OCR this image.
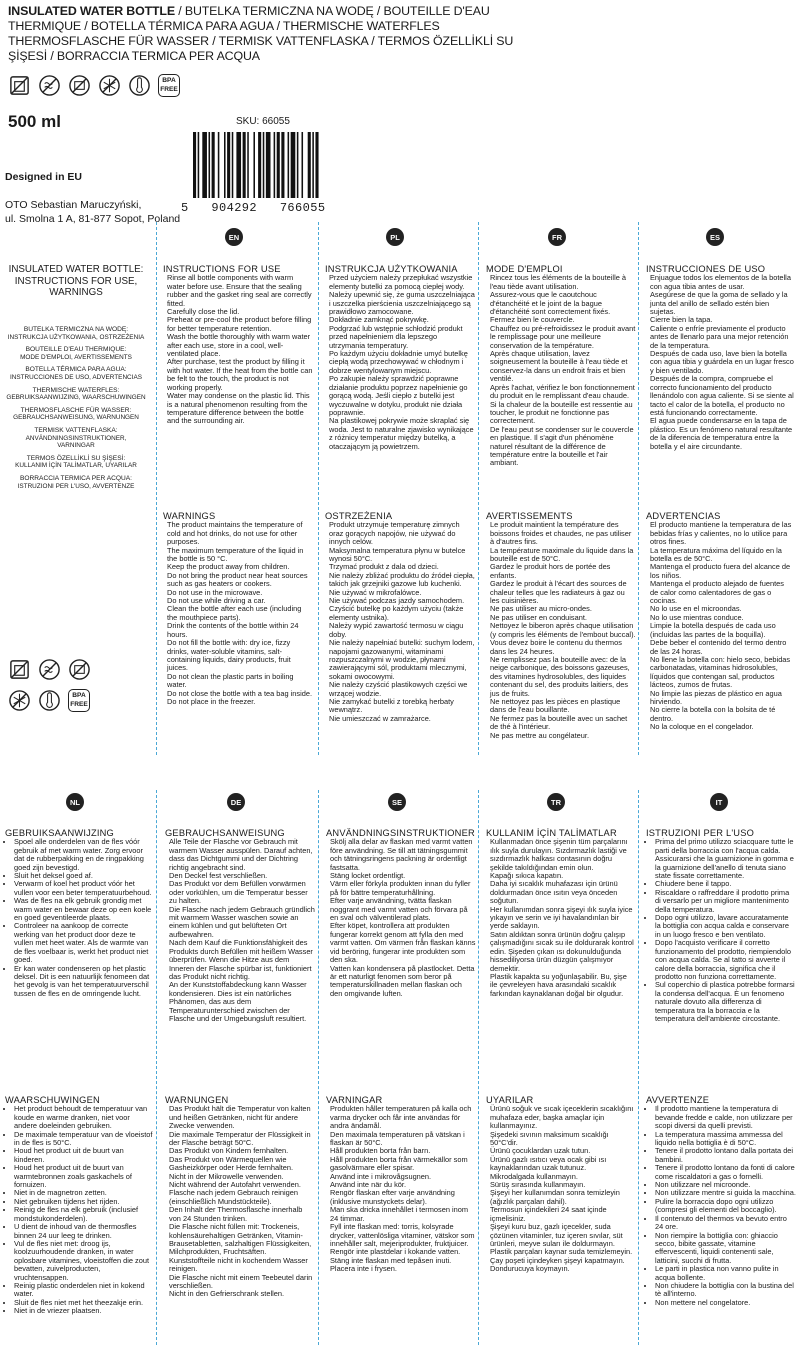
INSULATED WATER BOTTLE / BUTELKA TERMICZNA NA WODĘ / BOUTEILLE D'EAU THERMIQUE / BOTELLA TÉRMICA PARA AGUA / THERMISCHE WATERFLES THERMOSFLASCHE FÜR WASSER / TERMISK VATTENFLASKA / TERMOS ÖZELLİKLİ SU ŞİŞESİ / BORRACCIA TERMICA PER ACQUA
BPA
FREE
500 ml	SKU: 66055
5   904292   766055
Designed in EU

OTO Sebastian Maruczyński,
ul. Smolna 1 A, 81-877 Sopot, Poland
EN	PL	FR	ES
NL	DE	SE	TR	IT
INSULATED WATER BOTTLE: INSTRUCTIONS FOR USE, WARNINGS
BUTELKA TERMICZNA NA WODĘ:
INSTRUKCJA UŻYTKOWANIA, OSTRZEŻENIA
BOUTEILLE D'EAU THERMIQUE:
MODE D'EMPLOI, AVERTISSEMENTS
BOTELLA TÉRMICA PARA AGUA:
INSTRUCCIONES DE USO, ADVERTENCIAS
THERMISCHE WATERFLES:
GEBRUIKSAANWIJZING, WAARSCHUWINGEN
THERMOSFLASCHE FÜR WASSER:
GEBRAUCHSANWEISUNG, WARNUNGEN
TERMISK VATTENFLASKA:
ANVÄNDNINGSINSTRUKTIONER, VARNINGAR
TERMOS ÖZELLİKLİ SU ŞİŞESİ:
KULLANIM İÇİN TALİMATLAR, UYARILAR
BORRACCIA TERMICA PER ACQUA:
ISTRUZIONI PER L'USO, AVVERTENZE
BPA
FREE
INSTRUCTIONS FOR USE
Rinse all bottle components with warm water before use. Ensure that the sealing rubber and the gasket ring seal are correctly fitted.
Carefully close the lid.
Preheat or pre-cool the product before filling for better temperature retention.
Wash the bottle thoroughly with warm water after each use, store in a cool, well-ventilated place.
After purchase, test the product by filling it with hot water. If the heat from the bottle can be felt to the touch, the product is not working properly.
Water may condense on the plastic lid. This is a natural phenomenon resulting from the temperature difference between the bottle and the surrounding air.
WARNINGS
The product maintains the temperature of cold and hot drinks, do not use for other purposes.
The maximum temperature of the liquid in the bottle is 50 °C.
Keep the product away from children.
Do not bring the product near heat sources such as gas heaters or cookers.
Do not use in the microwave.
Do not use while driving a car.
Clean the bottle after each use (including the mouthpiece parts).
Drink the contents of the bottle within 24 hours.
Do not fill the bottle with: dry ice, fizzy drinks, water-soluble vitamins, salt-containing liquids, dairy products, fruit juices.
Do not clean the plastic parts in boiling water.
Do not close the bottle with a tea bag inside.
Do not place in the freezer.
INSTRUKCJA UŻYTKOWANIA
Przed użyciem należy przepłukać wszystkie elementy butelki za pomocą ciepłej wody. Należy upewnić się, że guma uszczelniająca i uszczelka pierścienia uszczelniającego są prawidłowo zamocowane.
Dokładnie zamknąć pokrywkę.
Podgrzać lub wstępnie schłodzić produkt przed napełnieniem dla lepszego utrzymania temperatury.
Po każdym użyciu dokładnie umyć butelkę ciepłą wodą przechowywać w chłodnym i dobrze wentylowanym miejscu.
Po zakupie należy sprawdzić poprawne działanie produktu poprzez napełnienie go gorącą wodą. Jeśli ciepło z butelki jest wyczuwalne w dotyku, produkt nie działa poprawnie.
Na plastikowej pokrywie może skraplać się woda. Jest to naturalne zjawisko wynikające z różnicy temperatur między butelką, a otaczającym ją powietrzem.
OSTRZEŻENIA
Produkt utrzymuje temperaturę zimnych oraz gorących napojów, nie używać do innych celów.
Maksymalna temperatura płynu w butelce wynosi 50°C.
Trzymać produkt z dala od dzieci.
Nie należy zbliżać produktu do źródeł ciepła, takich jak grzejniki gazowe lub kuchenki.
Nie używać w mikrofalówce.
Nie używać podczas jazdy samochodem.
Czyścić butelkę po każdym użyciu (także elementy ustnika).
Należy wypić zawartość termosu w ciągu doby.
Nie należy napełniać butelki: suchym lodem, napojami gazowanymi, witaminami rozpuszczalnymi w wodzie, płynami zawierającymi sól, produktami mlecznymi, sokami owocowymi.
Nie należy czyścić plastikowych części we wrzącej wodzie.
Nie zamykać butelki z torebką herbaty wewnątrz.
Nie umieszczać w zamrażarce.
MODE D'EMPLOI
Rincez tous les éléments de la bouteille à l'eau tiède avant utilisation.
Assurez-vous que le caoutchouc d'étanchéité et le joint de la bague d'étanchéité sont correctement fixés.
Fermez bien le couvercle.
Chauffez ou pré-refroidissez le produit avant le remplissage pour une meilleure conservation de la température.
Après chaque utilisation, lavez soigneusement la bouteille à l'eau tiède et conservez-la dans un endroit frais et bien ventilé.
Après l'achat, vérifiez le bon fonctionnement du produit en le remplissant d'eau chaude. Si la chaleur de la bouteille est ressentie au toucher, le produit ne fonctionne pas correctement.
De l'eau peut se condenser sur le couvercle en plastique. Il s'agit d'un phénomène naturel résultant de la différence de température entre la bouteille et l'air ambiant.
AVERTISSEMENTS
Le produit maintient la température des boissons froides et chaudes, ne pas utiliser à d'autres fins.
La température maximale du liquide dans la bouteille est de 50°C.
Gardez le produit hors de portée des enfants.
Gardez le produit à l'écart des sources de chaleur telles que les radiateurs à gaz ou les cuisinières.
Ne pas utiliser au micro-ondes.
Ne pas utiliser en conduisant.
Nettoyez le biberon après chaque utilisation (y compris les éléments de l'embout buccal).
Vous devez boire le contenu du thermos dans les 24 heures.
Ne remplissez pas la bouteille avec: de la neige carbonique, des boissons gazeuses, des vitamines hydrosolubles, des liquides contenant du sel, des produits laitiers, des jus de fruits.
Ne nettoyez pas les pièces en plastique dans de l'eau bouillante.
Ne fermez pas la bouteille avec un sachet de thé à l'intérieur.
Ne pas mettre au congélateur.
INSTRUCCIONES DE USO
Enjuague todos los elementos de la botella con agua tibia antes de usar.
Asegúrese de que la goma de sellado y la junta del anillo de sellado estén bien sujetas.
Cierre bien la tapa.
Caliente o enfríe previamente el producto antes de llenarlo para una mejor retención de la temperatura.
Después de cada uso, lave bien la botella con agua tibia y guárdela en un lugar fresco y bien ventilado.
Después de la compra, compruebe el correcto funcionamiento del producto llenándolo con agua caliente. Si se siente al tacto el calor de la botella, el producto no está funcionando correctamente.
El agua puede condensarse en la tapa de plástico. Es un fenómeno natural resultante de la diferencia de temperatura entre la botella y el aire circundante.
ADVERTENCIAS
El producto mantiene la temperatura de las bebidas frías y calientes, no lo utilice para otros fines.
La temperatura máxima del líquido en la botella es de 50°C.
Mantenga el producto fuera del alcance de los niños.
Mantenga el producto alejado de fuentes de calor como calentadores de gas o cocinas.
No lo use en el microondas.
No lo use mientras conduce.
Limpie la botella después de cada uso (incluidas las partes de la boquilla).
Debe beber el contenido del termo dentro de las 24 horas.
No llene la botella con: hielo seco, bebidas carbonatadas, vitaminas hidrosolubles, líquidos que contengan sal, productos lácteos, zumos de frutas.
No limpie las piezas de plástico en agua hirviendo.
No cierre la botella con la bolsita de té dentro.
No la coloque en el congelador.
GEBRUIKSAANWIJZING
• Spoel alle onderdelen van de fles vóór gebruik af met warm water. Zorg ervoor dat de rubberpakking en de ringpakking goed zijn bevestigd.
• Sluit het deksel goed af.
• Verwarm of koel het product vóór het vullen voor een beter temperatuurbehoud.
• Was de fles na elk gebruik grondig met warm water en bewaar deze op een koele en goed geventileerde plaats.
• Controleer na aankoop de correcte werking van het product door deze te vullen met heet water. Als de warmte van de fles voelbaar is, werkt het product niet goed.
• Er kan water condenseren op het plastic deksel. Dit is een natuurlijk fenomeen dat het gevolg is van het temperatuurverschil tussen de fles en de omringende lucht.
WAARSCHUWINGEN
• Het product behoudt de temperatuur van koude en warme dranken, niet voor andere doeleinden gebruiken.
• De maximale temperatuur van de vloeistof in de fles is 50°C.
• Houd het product uit de buurt van kinderen.
• Houd het product uit de buurt van warmtebronnen zoals gaskachels of fornuizen.
• Niet in de magnetron zetten.
• Niet gebruiken tijdens het rijden.
• Reinig de fles na elk gebruik (inclusief mondstukonderdelen).
• U dient de inhoud van de thermosfles binnen 24 uur leeg te drinken.
• Vul de fles niet met: droog ijs, koolzuurhoudende dranken, in water oplosbare vitamines, vloeistoffen die zout bevatten, zuivelproducten, vruchtensappen.
• Reinig plastic onderdelen niet in kokend water.
• Sluit de fles niet met het theezakje erin.
• Niet in de vriezer plaatsen.
GEBRAUCHSANWEISUNG
Alle Teile der Flasche vor Gebrauch mit warmem Wasser ausspülen. Darauf achten, dass das Dichtgummi und der Dichtring richtig angebracht sind.
Den Deckel fest verschließen.
Das Produkt vor dem Befüllen vorwärmen oder vorkühlen, um die Temperatur besser zu halten.
Die Flasche nach jedem Gebrauch gründlich mit warmem Wasser waschen sowie an einem kühlen und gut belüfteten Ort aufbewahren.
Nach dem Kauf die Funktionsfähigkeit des Produkts durch Befüllen mit heißem Wasser überprüfen. Wenn die Hitze aus dem Inneren der Flasche spürbar ist, funktioniert das Produkt nicht richtig.
An der Kunststoffabdeckung kann Wasser kondensieren. Dies ist ein natürliches Phänomen, das aus dem Temperaturunterschied zwischen der Flasche und der Umgebungsluft resultiert.
WARNUNGEN
Das Produkt hält die Temperatur von kalten und heißen Getränken, nicht für andere Zwecke verwenden.
Die maximale Temperatur der Flüssigkeit in der Flasche beträgt 50°C.
Das Produkt von Kindern fernhalten.
Das Produkt von Wärmequellen wie Gasheizkörper oder Herde fernhalten.
Nicht in der Mikrowelle verwenden.
Nicht während der Autofahrt verwenden.
Flasche nach jedem Gebrauch reinigen (einschließlich Mundstückteile).
Den Inhalt der Thermosflasche innerhalb von 24 Stunden trinken.
Die Flasche nicht füllen mit: Trockeneis, kohlensäurehaltigen Getränken, Vitamin-Brausetabletten, salzhaltigen Flüssigkeiten, Milchprodukten, Fruchtsäften.
Kunststoffteile nicht in kochendem Wasser reinigen.
Die Flasche nicht mit einem Teebeutel darin verschließen.
Nicht in den Gefrierschrank stellen.
ANVÄNDNINGSINSTRUKTIONER
Skölj alla delar av flaskan med varmt vatten före användning. Se till att tätningsgummit och tätningsringens packning är ordentligt fastsatta.
Stäng locket ordentligt.
Värm eller förkyla produkten innan du fyller på för bättre temperaturhållning.
Efter varje användning, tvätta flaskan noggrant med varmt vatten och förvara på en sval och välventilerad plats.
Efter köpet, kontrollera att produkten fungerar korrekt genom att fylla den med varmt vatten. Om värmen från flaskan känns vid beröring, fungerar inte produkten som den ska.
Vatten kan kondensera på plastlocket. Detta är ett naturligt fenomen som beror på temperaturskillnaden mellan flaskan och den omgivande luften.
VARNINGAR
Produkten håller temperaturen på kalla och varma drycker och får inte användas för andra ändamål.
Den maximala temperaturen på vätskan i flaskan är 50°C.
Håll produkten borta från barn.
Håll produkten borta från värmekällor som gasolvärmare eller spisar.
Använd inte i mikrovågsugnen.
Använd inte när du kör.
Rengör flaskan efter varje användning (inklusive munstyckets delar).
Man ska dricka innehållet i termosen inom 24 timmar.
Fyll inte flaskan med: torris, kolsyrade drycker, vattenlösliga vitaminer, vätskor som innehåller salt, mejeriprodukter, fruktjuicer.
Rengör inte plastdelar i kokande vatten.
Stäng inte flaskan med tepåsen inuti.
Placera inte i frysen.
KULLANIM İÇİN TALİMATLAR
Kullanmadan önce şişenin tüm parçalarını ılık suyla durulayın. Sızdırmazlık lastiği ve sızdırmazlık halkası contasının doğru şekilde takıldığından emin olun.
Kapağı sıkıca kapatın.
Daha iyi sıcaklık muhafazası için ürünü doldurmadan önce ısıtın veya önceden soğutun.
Her kullanımdan sonra şişeyi ılık suyla iyice yıkayın ve serin ve iyi havalandırılan bir yerde saklayın.
Satın aldıktan sonra ürünün doğru çalışıp çalışmadığını sıcak su ile doldurarak kontrol edin. Şişeden çıkan ısı dokunulduğunda hissediliyorsa ürün düzgün çalışmıyor demektir.
Plastik kapakta su yoğunlaşabilir. Bu, şişe ile çevreleyen hava arasındaki sıcaklık farkından kaynaklanan doğal bir olgudur.
UYARILAR
Ürünü soğuk ve sıcak içeceklerin sıcaklığını muhafaza eder, başka amaçlar için kullanmayınız.
Şişedeki sıvının maksimum sıcaklığı 50°C'dir.
Ürünü çocuklardan uzak tutun.
Ürünü gazlı ısıtıcı veya ocak gibi ısı kaynaklarından uzak tutunuz.
Mikrodalgada kullanmayın.
Sürüş sırasında kullanmayın.
Şişeyi her kullanımdan sonra temizleyin (ağızlık parçaları dahil).
Termosun içindekileri 24 saat içinde içmelisiniz.
Şişeyi kuru buz, gazlı içecekler, suda çözünen vitaminler, tuz içeren sıvılar, süt ürünleri, meyve suları ile doldurmayın.
Plastik parçaları kaynar suda temizlemeyin.
Çay poşeti içindeyken şişeyi kapatmayın.
Dondurucuya koymayın.
ISTRUZIONI PER L'USO
• Prima del primo utilizzo sciacquare tutte le parti della borraccia con l'acqua calda. Assicurarsi che la guarnizione in gomma e la guarnizione dell'anello di tenuta siano state fissate correttamente.
• Chiudere bene il tappo.
• Riscaldare o raffreddare il prodotto prima di versarlo per un migliore mantenimento della temperatura.
• Dopo ogni utilizzo, lavare accuratamente la bottiglia con acqua calda e conservare in un luogo fresco e ben ventilato.
• Dopo l'acquisto verificare il corretto funzionamento del prodotto, riempiendolo con acqua calda. Se al tatto si avverte il calore della borraccia, significa che il prodotto non funziona correttamente.
• Sul coperchio di plastica potrebbe formarsi la condensa dell'acqua. È un fenomeno naturale dovuto alla differenza di temperatura tra la borraccia e la temperatura dell'ambiente circostante.
AVVERTENZE
• Il prodotto mantiene la temperatura di bevande fredde e calde, non utilizzare per scopi diversi da quelli previsti.
• La temperatura massima ammessa del liquido nella bottiglia è di 50°C.
• Tenere il prodotto lontano dalla portata dei bambini.
• Tenere il prodotto lontano da fonti di calore come riscaldatori a gas o fornelli.
• Non utilizzare nel microonde.
• Non utilizzare mentre si guida la macchina.
• Pulire la borraccia dopo ogni utilizzo (compresi gli elementi del boccaglio).
• Il contenuto del thermos va bevuto entro 24 ore.
• Non riempire la bottiglia con: ghiaccio secco, bibite gassate, vitamine effervescenti, liquidi contenenti sale, latticini, succhi di frutta.
• Le parti in plastica non vanno pulite in acqua bollente.
• Non chiudere la bottiglia con la bustina del tè all'interno.
• Non mettere nel congelatore.
